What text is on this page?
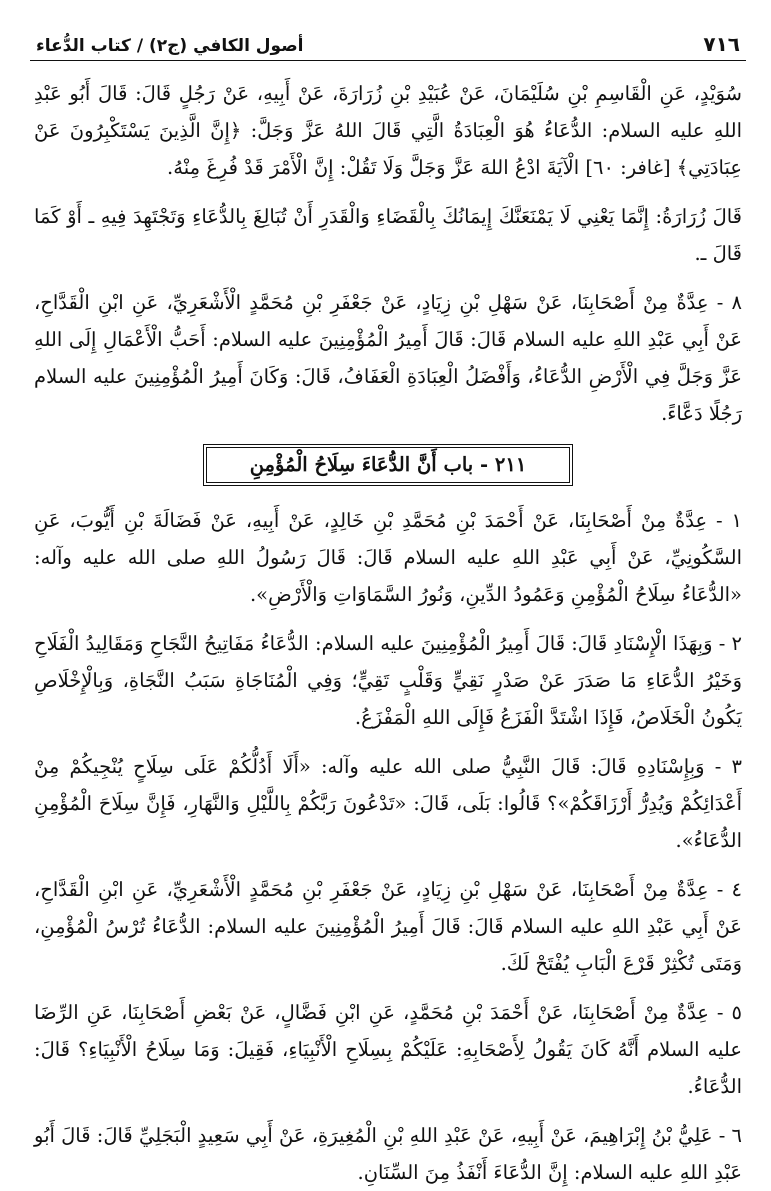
أصول الكافي (ج٢) / كتاب الدُّعاء	٧١٦

سُوَيْدٍ، عَنِ الْقَاسِمِ بْنِ سُلَيْمَانَ، عَنْ عُبَيْدِ بْنِ زُرَارَةَ، عَنْ أَبِيهِ، عَنْ رَجُلٍ قَالَ: قَالَ أَبُو عَبْدِ اللهِ عليه السلام: الدُّعَاءُ هُوَ الْعِبَادَةُ الَّتِي قَالَ اللهُ عَزَّ وَجَلَّ: ﴿إِنَّ الَّذِينَ يَسْتَكْبِرُونَ عَنْ عِبَادَتِي﴾ [غافر: ٦٠] الْآيَةَ ادْعُ اللهَ عَزَّ وَجَلَّ وَلَا تَقُلْ: إِنَّ الْأَمْرَ قَدْ فُرِغَ مِنْهُ.

قَالَ زُرَارَةُ: إِنَّمَا يَعْنِي لَا يَمْنَعَنَّكَ إِيمَانُكَ بِالْقَضَاءِ وَالْقَدَرِ أَنْ تُبَالِغَ بِالدُّعَاءِ وَتَجْتَهِدَ فِيهِ ـ أَوْ كَمَا قَالَ ـ.

٨ - عِدَّةٌ مِنْ أَصْحَابِنَا، عَنْ سَهْلِ بْنِ زِيَادٍ، عَنْ جَعْفَرِ بْنِ مُحَمَّدٍ الْأَشْعَرِيِّ، عَنِ ابْنِ الْقَدَّاحِ، عَنْ أَبِي عَبْدِ اللهِ عليه السلام قَالَ: قَالَ أَمِيرُ الْمُؤْمِنِينَ عليه السلام: أَحَبُّ الْأَعْمَالِ إِلَى اللهِ عَزَّ وَجَلَّ فِي الْأَرْضِ الدُّعَاءُ، وَأَفْضَلُ الْعِبَادَةِ الْعَفَافُ، قَالَ: وَكَانَ أَمِيرُ الْمُؤْمِنِينَ عليه السلام رَجُلًا دَعَّاءً.

٢١١ - باب أَنَّ الدُّعَاءَ سِلَاحُ الْمُؤْمِنِ

١ - عِدَّةٌ مِنْ أَصْحَابِنَا، عَنْ أَحْمَدَ بْنِ مُحَمَّدِ بْنِ خَالِدٍ، عَنْ أَبِيهِ، عَنْ فَضَالَةَ بْنِ أَيُّوبَ، عَنِ السَّكُونِيِّ، عَنْ أَبِي عَبْدِ اللهِ عليه السلام قَالَ: قَالَ رَسُولُ اللهِ صلى الله عليه وآله: «الدُّعَاءُ سِلَاحُ الْمُؤْمِنِ وَعَمُودُ الدِّينِ، وَنُورُ السَّمَاوَاتِ وَالْأَرْضِ».

٢ - وَبِهَذَا الْإِسْنَادِ قَالَ: قَالَ أَمِيرُ الْمُؤْمِنِينَ عليه السلام: الدُّعَاءُ مَفَاتِيحُ النَّجَاحِ وَمَقَالِيدُ الْفَلَاحِ وَخَيْرُ الدُّعَاءِ مَا صَدَرَ عَنْ صَدْرٍ نَقِيٍّ وَقَلْبٍ تَقِيٍّ؛ وَفِي الْمُنَاجَاةِ سَبَبُ النَّجَاةِ، وَبِالْإِخْلَاصِ يَكُونُ الْخَلَاصُ، فَإِذَا اشْتَدَّ الْفَزَعُ فَإِلَى اللهِ الْمَفْزَعُ.

٣ - وَبِإِسْنَادِهِ قَالَ: قَالَ النَّبِيُّ صلى الله عليه وآله: «أَلَا أَدُلُّكُمْ عَلَى سِلَاحٍ يُنْجِيكُمْ مِنْ أَعْدَائِكُمْ وَيُدِرُّ أَرْزَاقَكُمْ»؟ قَالُوا: بَلَى، قَالَ: «تَدْعُونَ رَبَّكُمْ بِاللَّيْلِ وَالنَّهَارِ، فَإِنَّ سِلَاحَ الْمُؤْمِنِ الدُّعَاءُ».

٤ - عِدَّةٌ مِنْ أَصْحَابِنَا، عَنْ سَهْلِ بْنِ زِيَادٍ، عَنْ جَعْفَرِ بْنِ مُحَمَّدٍ الْأَشْعَرِيِّ، عَنِ ابْنِ الْقَدَّاحِ، عَنْ أَبِي عَبْدِ اللهِ عليه السلام قَالَ: قَالَ أَمِيرُ الْمُؤْمِنِينَ عليه السلام: الدُّعَاءُ تُرْسُ الْمُؤْمِنِ، وَمَتَى تُكْثِرْ قَرْعَ الْبَابِ يُفْتَحْ لَكَ.

٥ - عِدَّةٌ مِنْ أَصْحَابِنَا، عَنْ أَحْمَدَ بْنِ مُحَمَّدٍ، عَنِ ابْنِ فَضَّالٍ، عَنْ بَعْضِ أَصْحَابِنَا، عَنِ الرِّضَا عليه السلام أَنَّهُ كَانَ يَقُولُ لِأَصْحَابِهِ: عَلَيْكُمْ بِسِلَاحِ الْأَنْبِيَاءِ، فَقِيلَ: وَمَا سِلَاحُ الْأَنْبِيَاءِ؟ قَالَ: الدُّعَاءُ.

٦ - عَلِيُّ بْنُ إِبْرَاهِيمَ، عَنْ أَبِيهِ، عَنْ عَبْدِ اللهِ بْنِ الْمُغِيرَةِ، عَنْ أَبِي سَعِيدٍ الْبَجَلِيِّ قَالَ: قَالَ أَبُو عَبْدِ اللهِ عليه السلام: إِنَّ الدُّعَاءَ أَنْفَذُ مِنَ السِّنَانِ.
